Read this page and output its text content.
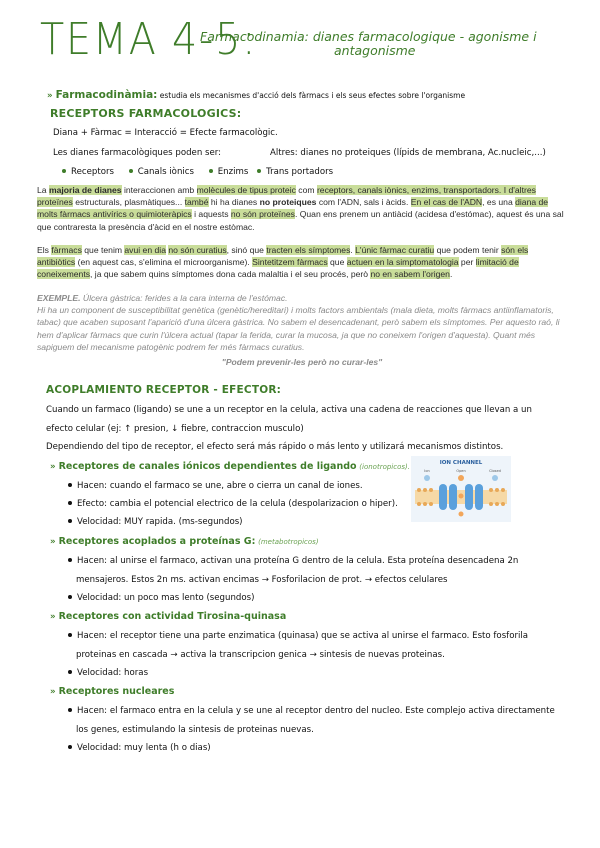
TEMA 4-5:
Farmacodinamia: dianes farmacologique - agonisme i
antagonisme
» Farmacodinàmia: estudia els mecanismes d'acció dels fàrmacs i els seus efectes sobre l'organisme
RECEPTORS FARMACOLOGICS:
Diana + Fàrmac = Interacció = Efecte farmacològic.
Les dianes farmacològiques poden ser:	Altres: dianes no proteiques (lípids de membrana, Ac.nucleic,...)
Receptors	Canals iònics	Enzims Trans portadors
La majoria de dianes interaccionen amb molècules de tipus proteic com receptors, canals iònics, enzims, transportadors. I d'altres proteïnes estructurals, plasmàtiques... també hi ha dianes no proteiques com l'ADN, sals i àcids. En el cas de l'ADN, es una diana de molts fàrmacs antivírics o quimioteràpics i aquests no són proteïnes. Quan ens prenem un antiàcid (acidesa d'estómac), aquest és una sal que contraresta la presència d'àcid en el nostre estòmac.
Els fàrmacs que tenim avui en dia no són curatius, sinó que tracten els símptomes. L'únic fàrmac curatiu que podem tenir són els antibiòtics (en aquest cas, s'elimina el microorganisme). Sintetitzem fàrmacs que actuen en la simptomatologia per limitació de coneixements, ja que sabem quins símptomes dona cada malaltia i el seu procés, però no en sabem l'origen.
EXEMPLE. Úlcera gàstrica: ferides a la cara interna de l'estómac.
Hi ha un component de susceptibilitat genètica (genètic/hereditari) i molts factors ambientals (mala dieta, molts fàrmacs antiinflamatoris, tabac) que acaben suposant l'aparició d'una úlcera gàstrica. No sabem el desencadenant, però sabem els símptomes. Per aquesto raó, li hem d'aplicar fàrmacs que curin l'úlcera actual (tapar la ferida, curar la mucosa, ja que no coneixem l'origen d'aquesta). Quant més sapiguem del mecanisme patogènic podrem fer més fàrmacs curatius.
"Podem prevenir-les però no curar-les"
ACOPLAMIENTO RECEPTOR - EFECTOR:
Cuando un farmaco (ligando) se une a un receptor en la celula, activa una cadena de reacciones que llevan a un
efecto celular (ej: ↑ presion, ↓ fiebre, contraccion musculo)
Dependiendo del tipo de receptor, el efecto será más rápido o más lento y utilizará mecanismos distintos.
» Receptores de canales iónicos dependientes de ligando (ionotropicos).
Hacen: cuando el farmaco se une, abre o cierra un canal de iones.
Efecto: cambia el potencial electrico de la celula (despolarizacion o hiper).
Velocidad: MUY rapida. (ms-segundos)
ION CHANNEL
Ion	Open	Closed
» Receptores acoplados a proteínas G: (metabotropicos)
Hacen: al unirse el farmaco, activan una proteína G dentro de la celula. Esta proteína desencadena 2n
mensajeros. Estos 2n ms. activan encimas → Fosforilacion de prot. → efectos celulares
Velocidad: un poco mas lento (segundos)
» Receptores con actividad Tirosina-quinasa
Hacen: el receptor tiene una parte enzimatica (quinasa) que se activa al unirse el farmaco. Esto fosforila
proteinas en cascada → activa la transcripcion genica → sintesis de nuevas proteinas.
Velocidad: horas
» Receptores nucleares
Hacen: el farmaco entra en la celula y se une al receptor dentro del nucleo. Este complejo activa directamente
los genes, estimulando la sintesis de proteinas nuevas.
Velocidad: muy lenta (h o dias)
